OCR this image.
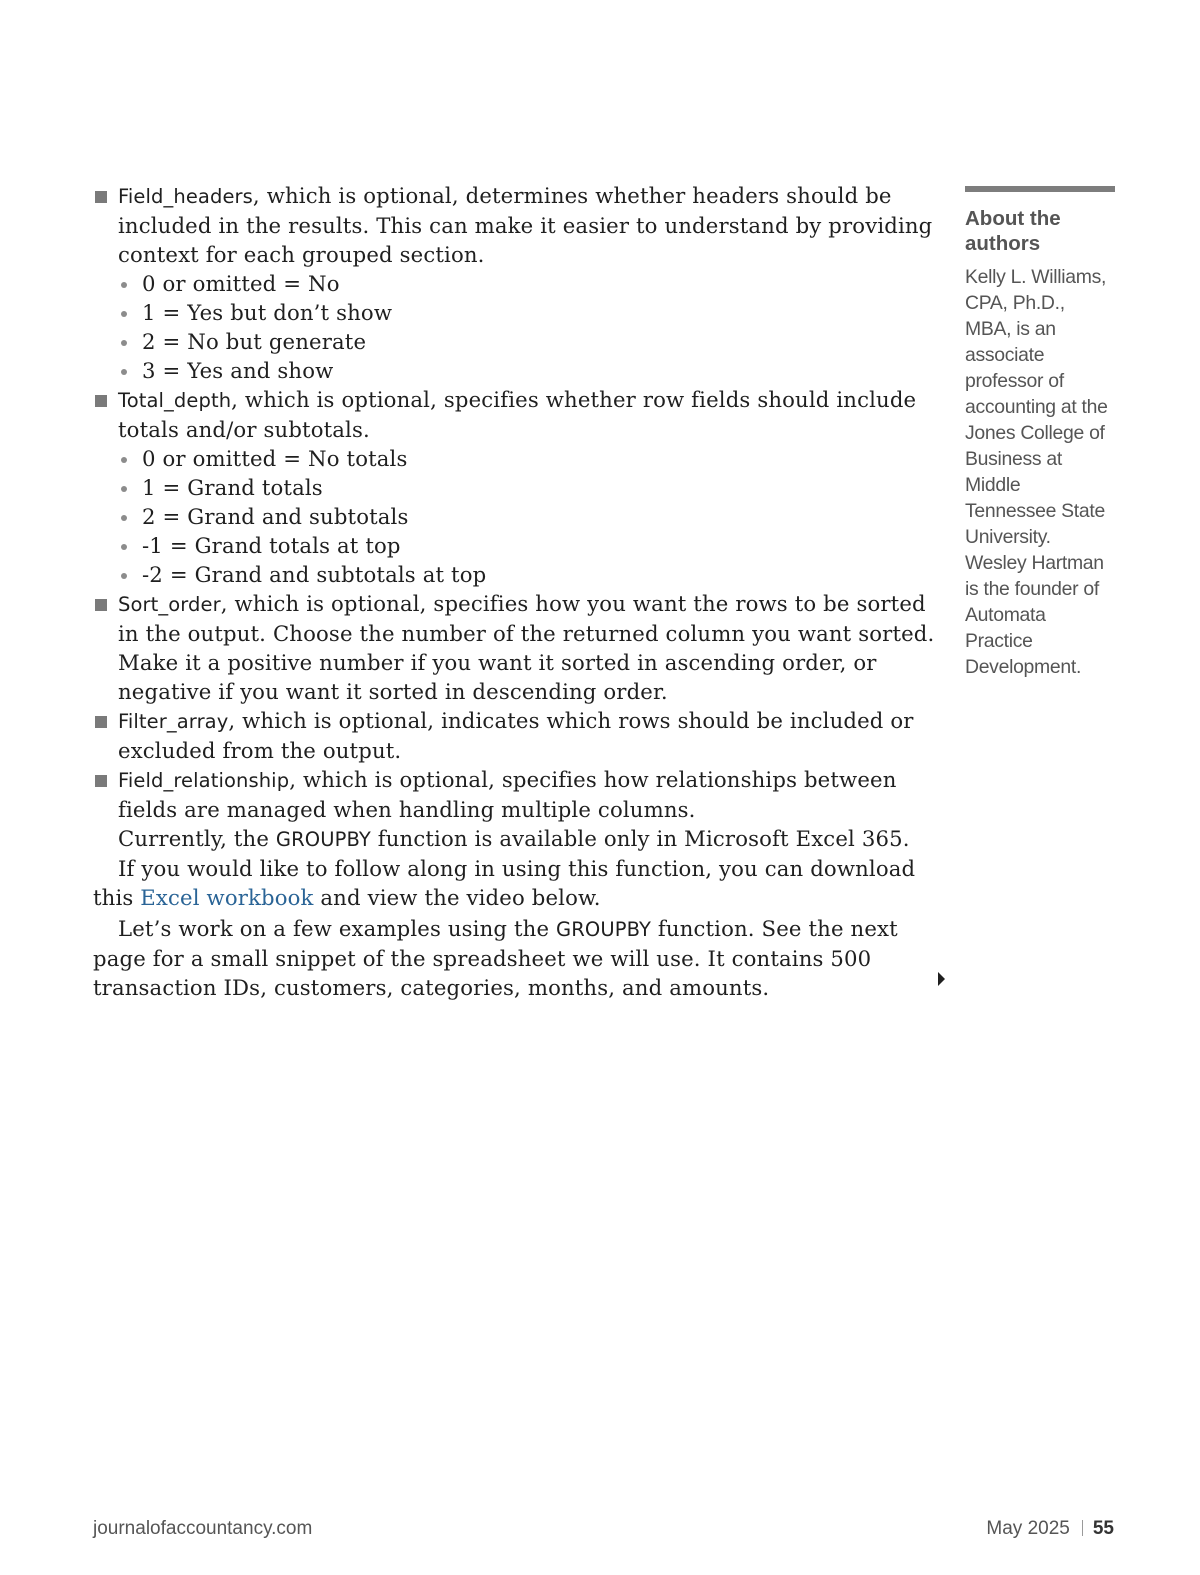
Field_headers, which is optional, determines whether headers should be included in the results. This can make it easier to understand by providing context for each grouped section.
0 or omitted = No
1 = Yes but don’t show
2 = No but generate
3 = Yes and show
Total_depth, which is optional, specifies whether row fields should include totals and/or subtotals.
0 or omitted = No totals
1 = Grand totals
2 = Grand and subtotals
-1 = Grand totals at top
-2 = Grand and subtotals at top
Sort_order, which is optional, specifies how you want the rows to be sorted in the output. Choose the number of the returned column you want sorted. Make it a positive number if you want it sorted in ascending order, or negative if you want it sorted in descending order.
Filter_array, which is optional, indicates which rows should be included or excluded from the output.
Field_relationship, which is optional, specifies how relationships between fields are managed when handling multiple columns.

Currently, the GROUPBY function is available only in Microsoft Excel 365.

If you would like to follow along in using this function, you can download this Excel workbook and view the video below.

Let’s work on a few examples using the GROUPBY function. See the next page for a small snippet of the spreadsheet we will use. It contains 500 transaction IDs, customers, categories, months, and amounts.

About the authors
Kelly L. Williams, CPA, Ph.D., MBA, is an associate professor of accounting at the Jones College of Business at Middle Tennessee State University. Wesley Hartman is the founder of Automata Practice Development.
journalofaccountancy.com	May 2025 55
